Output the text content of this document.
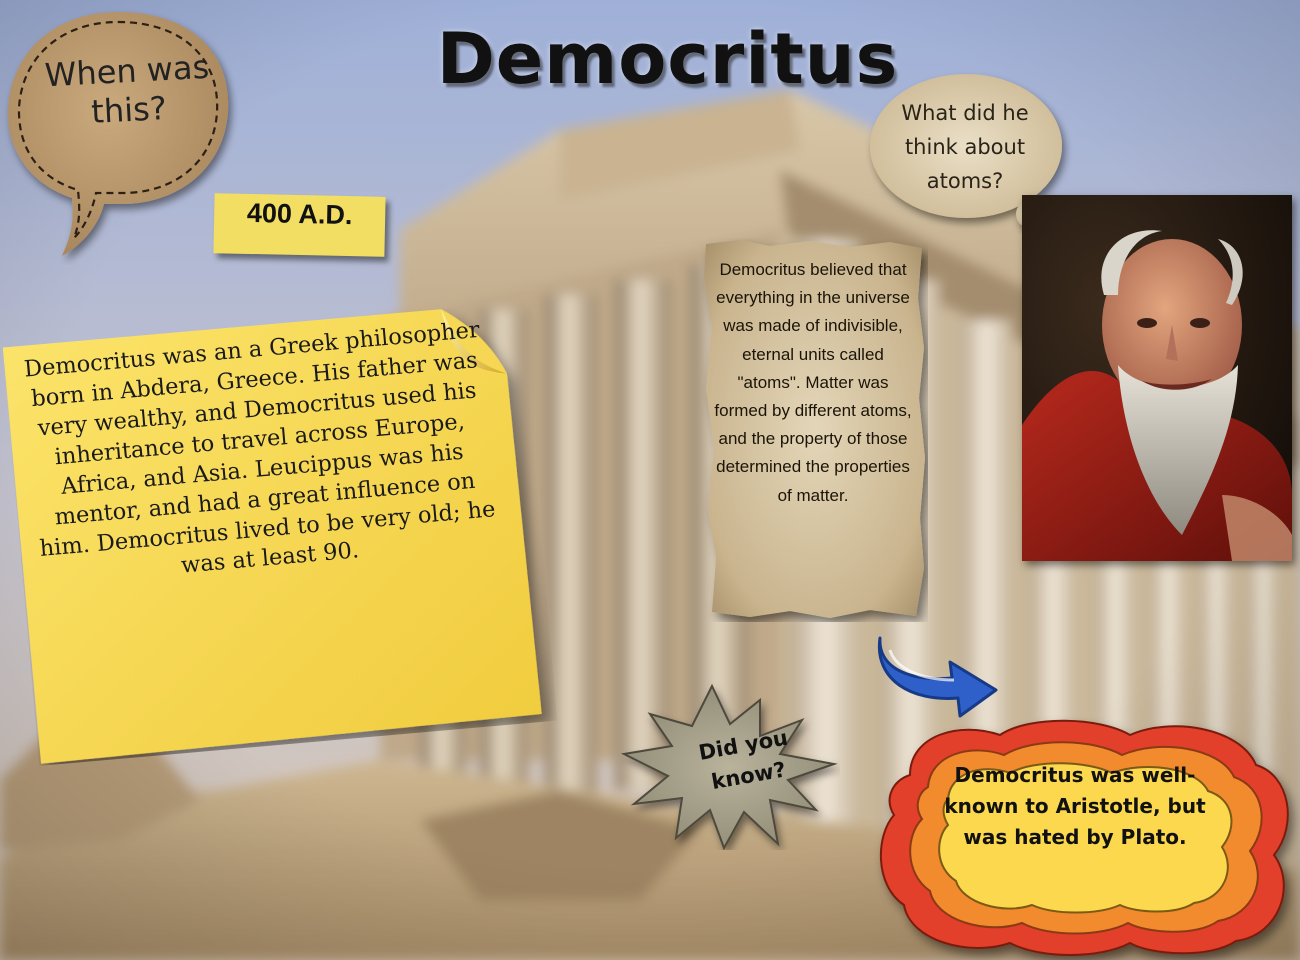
Democritus
When was this?
400 A.D.
Democritus was an a Greek philosopher born in Abdera, Greece. His father was very wealthy, and Democritus used his inheritance to travel across Europe, Africa, and Asia. Leucippus was his mentor, and had a great influence on him. Democritus lived to be very old; he was at least 90.
Democritus believed that everything in the universe was made of indivisible, eternal units called "atoms". Matter was formed by different atoms, and the property of those determined the properties of matter.
What did he think about atoms?
Did you know?	Democritus was well-known to Aristotle, but was hated by Plato.
